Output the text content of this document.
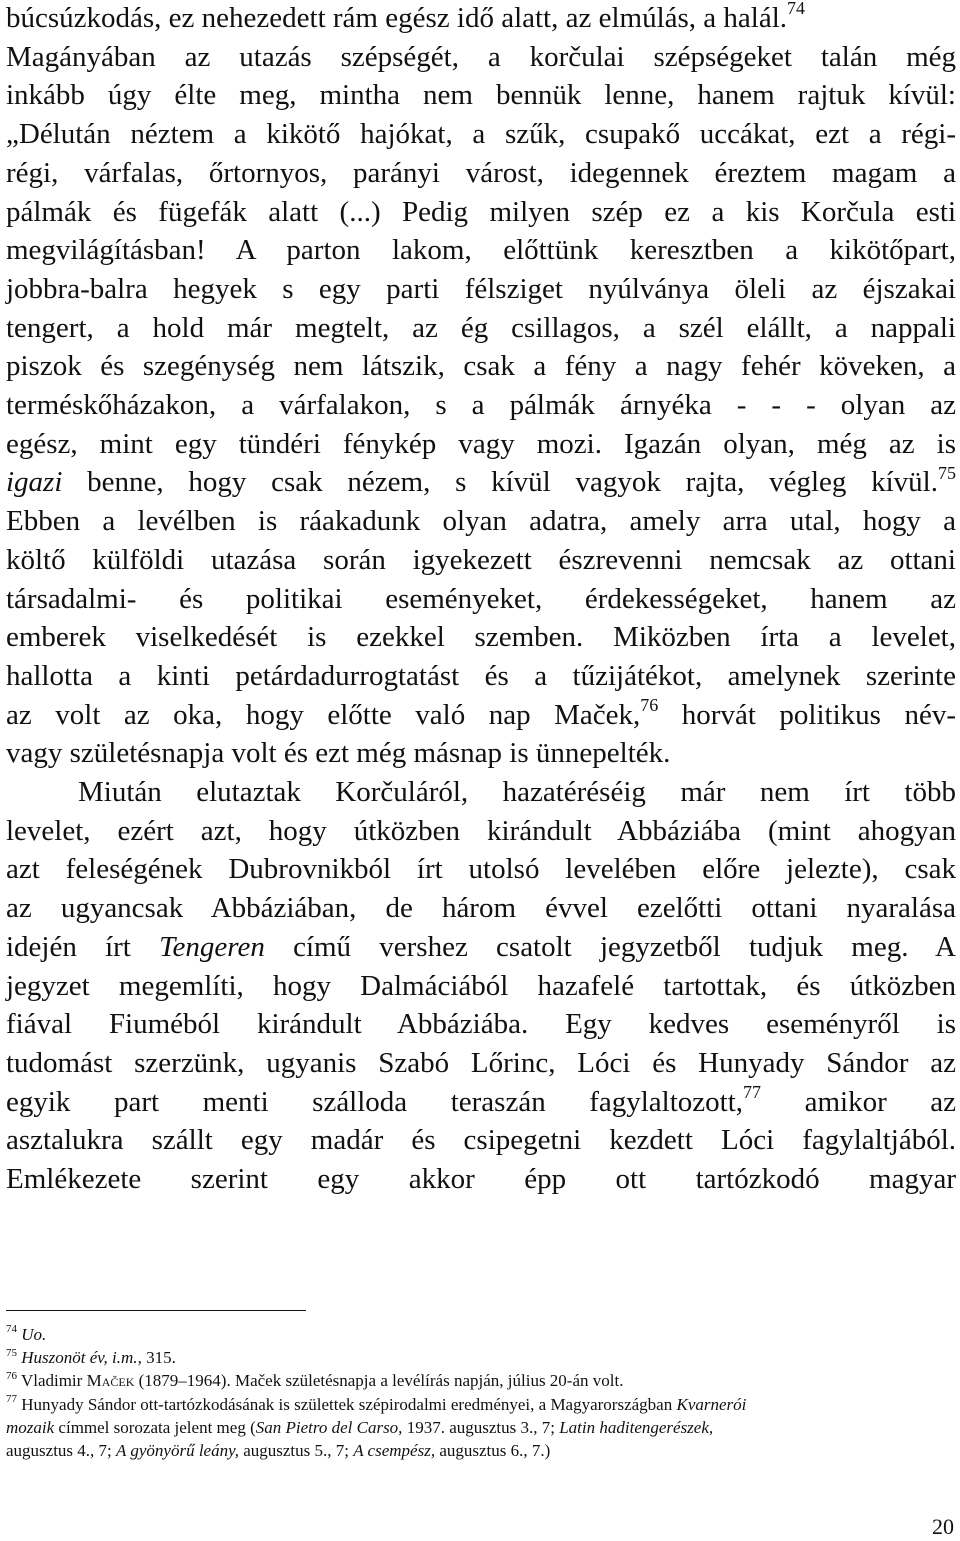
búcsúzkodás, ez nehezedett rám egész idő alatt, az elmúlás, a halál.$^{74}$
Magányában az utazás szépségét, a korčulai szépségeket talán még
inkább úgy élte meg, mintha nem bennük lenne, hanem rajtuk kívül:
„Délután néztem a kikötő hajókat, a szűk, csupakő uccákat, ezt a régi-
régi, várfalas, őrtornyos, parányi várost, idegennek éreztem magam a
pálmák és fügefák alatt (...) Pedig milyen szép ez a kis Korčula esti
megvilágításban! A parton lakom, előttünk keresztben a kikötőpart,
jobbra-balra hegyek s egy parti félsziget nyúlványa öleli az éjszakai
tengert, a hold már megtelt, az ég csillagos, a szél elállt, a nappali
piszok és szegénység nem látszik, csak a fény a nagy fehér köveken, a
terméskőházakon, a várfalakon, s a pálmák árnyéka - - - olyan az
egész, mint egy tündéri fénykép vagy mozi. Igazán olyan, még az is
igazi benne, hogy csak nézem, s kívül vagyok rajta, végleg kívül.$^{75}$
Ebben a levélben is ráakadunk olyan adatra, amely arra utal, hogy a
költő külföldi utazása során igyekezett észrevenni nemcsak az ottani
társadalmi- és politikai eseményeket, érdekességeket, hanem az
emberek viselkedését is ezekkel szemben. Miközben írta a levelet,
hallotta a kinti petárdadurrogtatást és a tűzijátékot, amelynek szerinte
az volt az oka, hogy előtte való nap Maček,$^{76}$ horvát politikus név-
vagy születésnapja volt és ezt még másnap is ünnepelték.
Miután elutaztak Korčuláról, hazatéréséig már nem írt több
levelet, ezért azt, hogy útközben kirándult Abbáziába (mint ahogyan
azt feleségének Dubrovnikból írt utolsó levelében előre jelezte), csak
az ugyancsak Abbáziában, de három évvel ezelőtti ottani nyaralása
idején írt Tengeren című vershez csatolt jegyzetből tudjuk meg. A
jegyzet megemlíti, hogy Dalmáciából hazafelé tartottak, és útközben
fiával Fiuméból kirándult Abbáziába. Egy kedves eseményről is
tudomást szerzünk, ugyanis Szabó Lőrinc, Lóci és Hunyady Sándor az
egyik part menti szálloda teraszán fagylaltozott,$^{77}$ amikor az
asztalukra szállt egy madár és csipegetni kezdett Lóci fagylaltjából.
Emlékezete szerint egy akkor épp ott tartózkodó magyar
$^{74}$ Uo.
$^{75}$ Huszonöt év, i.m., 315.
$^{76}$ Vladimir Maček (1879–1964). Maček születésnapja a levélírás napján, július 20-án volt.
$^{77}$ Hunyady Sándor ott-tartózkodásának is születtek szépirodalmi eredményei, a Magyarországban Kvarnerói
mozaik címmel sorozata jelent meg (San Pietro del Carso, 1937. augusztus 3., 7; Latin haditengerészek,
augusztus 4., 7; A gyönyörű leány, augusztus 5., 7; A csempész, augusztus 6., 7.)
20
